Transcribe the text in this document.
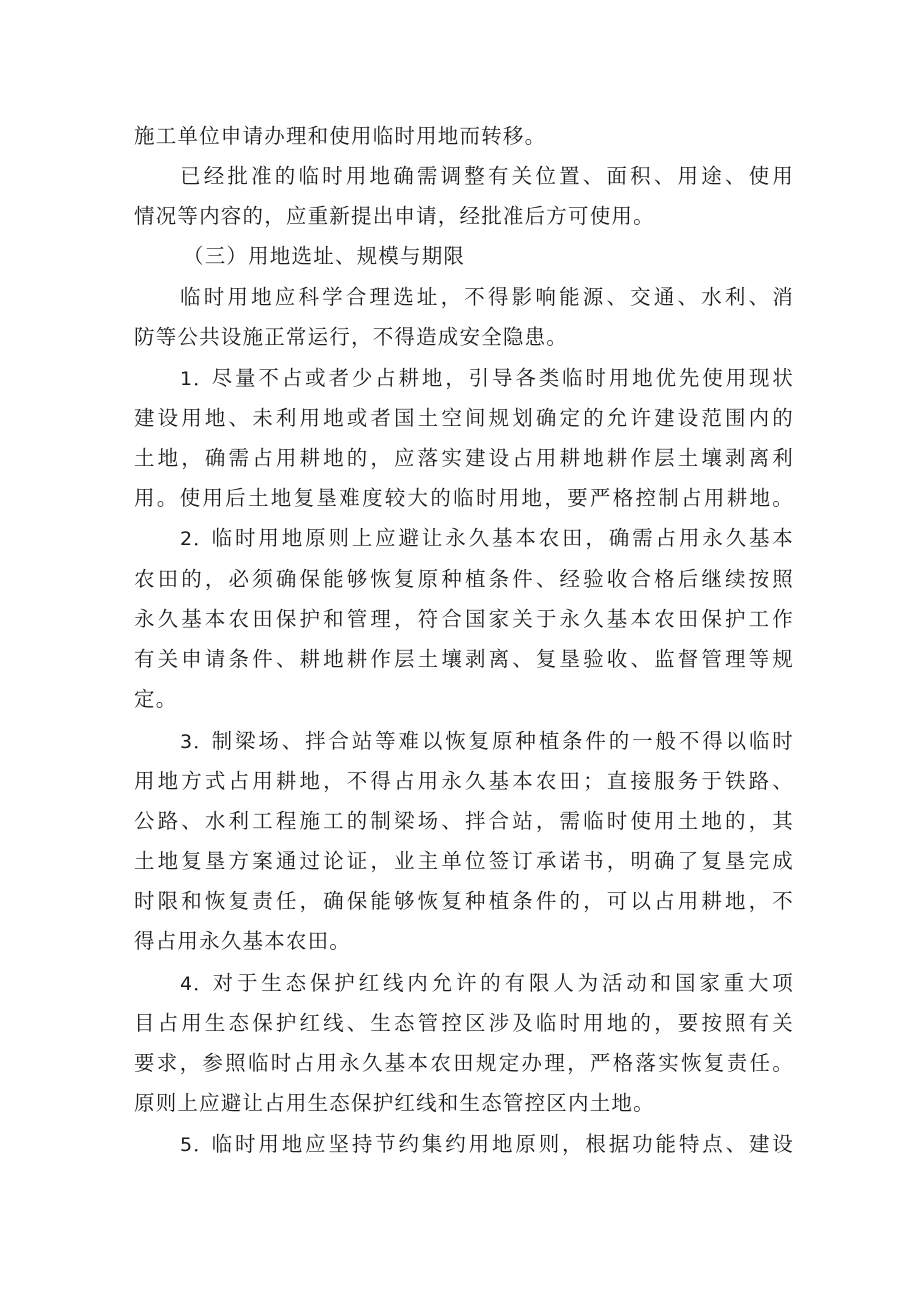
施工单位申请办理和使用临时用地而转移。
已经批准的临时用地确需调整有关位置、面积、用途、使用
情况等内容的，应重新提出申请，经批准后方可使用。
（三）用地选址、规模与期限
临时用地应科学合理选址，不得影响能源、交通、水利、消
防等公共设施正常运行，不得造成安全隐患。
1．尽量不占或者少占耕地，引导各类临时用地优先使用现状
建设用地、未利用地或者国土空间规划确定的允许建设范围内的
土地，确需占用耕地的，应落实建设占用耕地耕作层土壤剥离利
用。使用后土地复垦难度较大的临时用地，要严格控制占用耕地。
2．临时用地原则上应避让永久基本农田，确需占用永久基本
农田的，必须确保能够恢复原种植条件、经验收合格后继续按照
永久基本农田保护和管理，符合国家关于永久基本农田保护工作
有关申请条件、耕地耕作层土壤剥离、复垦验收、监督管理等规
定。
3．制梁场、拌合站等难以恢复原种植条件的一般不得以临时
用地方式占用耕地，不得占用永久基本农田；直接服务于铁路、
公路、水利工程施工的制梁场、拌合站，需临时使用土地的，其
土地复垦方案通过论证，业主单位签订承诺书，明确了复垦完成
时限和恢复责任，确保能够恢复种植条件的，可以占用耕地，不
得占用永久基本农田。
4．对于生态保护红线内允许的有限人为活动和国家重大项
目占用生态保护红线、生态管控区涉及临时用地的，要按照有关
要求，参照临时占用永久基本农田规定办理，严格落实恢复责任。
原则上应避让占用生态保护红线和生态管控区内土地。
5．临时用地应坚持节约集约用地原则，根据功能特点、建设
